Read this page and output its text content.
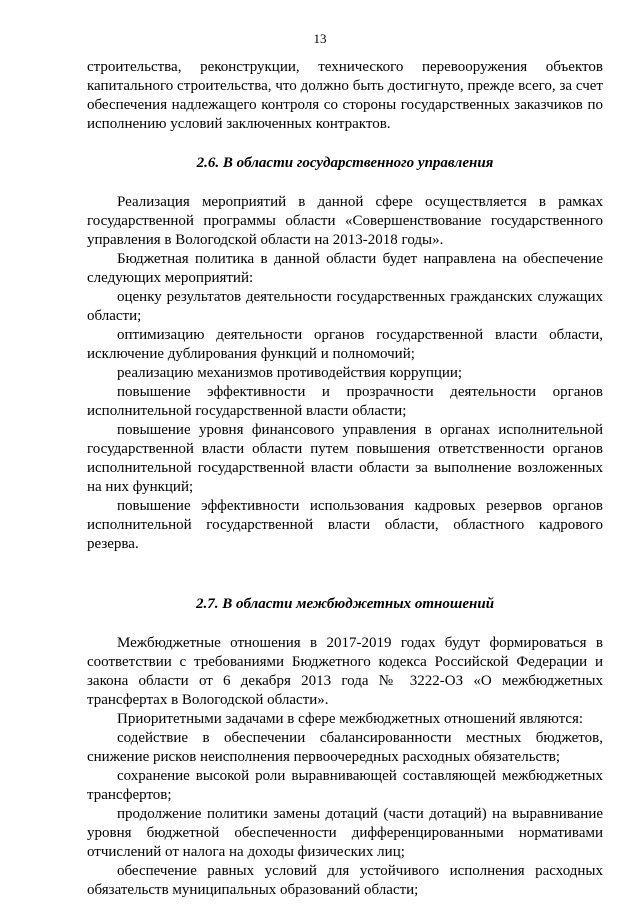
13

строительства, реконструкции, технического перевооружения объектов капитального строительства, что должно быть достигнуто, прежде всего, за счет обеспечения надлежащего контроля со стороны государственных заказчиков по исполнению условий заключенных контрактов.

2.6. В области государственного управления

Реализация мероприятий в данной сфере осуществляется в рамках государственной программы области «Совершенствование государственного управления в Вологодской области на 2013-2018 годы».

Бюджетная политика в данной области будет направлена на обеспечение следующих мероприятий:

оценку результатов деятельности государственных гражданских служащих области;

оптимизацию деятельности органов государственной власти области, исключение дублирования функций и полномочий;

реализацию механизмов противодействия коррупции;

повышение эффективности и прозрачности деятельности органов исполнительной государственной власти области;

повышение уровня финансового управления в органах исполнительной государственной власти области путем повышения ответственности органов исполнительной государственной власти области за выполнение возложенных на них функций;

повышение эффективности использования кадровых резервов органов исполнительной государственной власти области, областного кадрового резерва.

2.7. В области межбюджетных отношений

Межбюджетные отношения в 2017-2019 годах будут формироваться в соответствии с требованиями Бюджетного кодекса Российской Федерации и закона области от 6 декабря 2013 года № 3222-ОЗ «О межбюджетных трансфертах в Вологодской области».

Приоритетными задачами в сфере межбюджетных отношений являются:

содействие в обеспечении сбалансированности местных бюджетов, снижение рисков неисполнения первоочередных расходных обязательств;

сохранение высокой роли выравнивающей составляющей межбюджетных трансфертов;

продолжение политики замены дотаций (части дотаций) на выравнивание уровня бюджетной обеспеченности дифференцированными нормативами отчислений от налога на доходы физических лиц;

обеспечение равных условий для устойчивого исполнения расходных обязательств муниципальных образований области;
